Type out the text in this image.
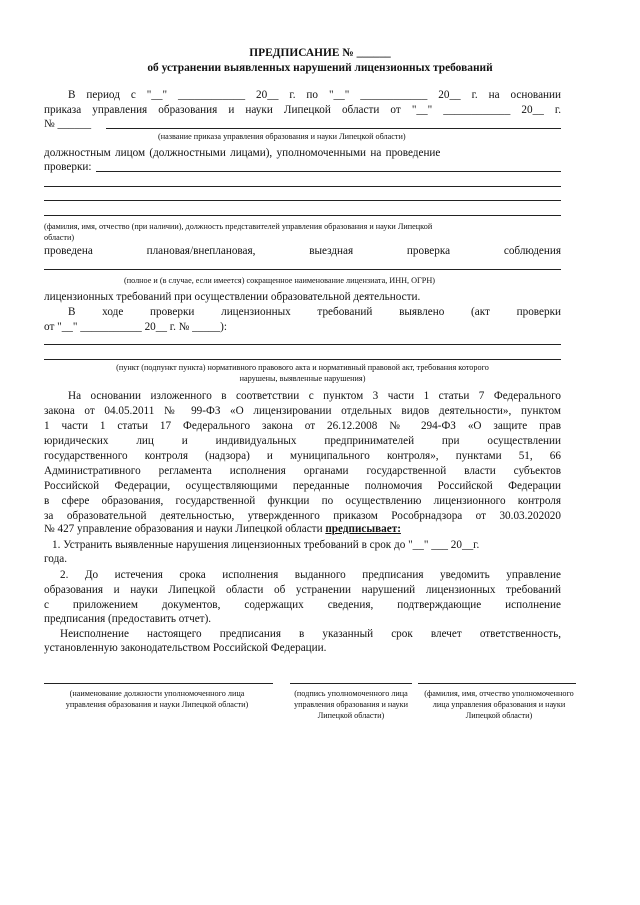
ПРЕДПИСАНИЕ № ______
об устранении выявленных нарушений лицензионных требований
В период с "__" ____________ 20__ г. по "__" ____________ 20__ г. на основании
приказа управления образования и науки Липецкой области от "__" ____________ 20__ г.
№ ______
(название приказа управления образования и науки Липецкой области)
должностным лицом (должностными лицами), уполномоченными на проведение
проверки:
(фамилия, имя, отчество (при наличии), должность представителей управления образования и науки Липецкой
области)
проведена плановая/внеплановая, выездная проверка соблюдения
(полное и (в случае, если имеется) сокращенное наименование лицензиата, ИНН, ОГРН)
лицензионных требований при осуществлении образовательной деятельности.
В ходе проверки лицензионных требований выявлено (акт проверки
от "__" ___________ 20__ г. № _____):
(пункт (подпункт пункта) нормативного правового акта и нормативный правовой акт, требования которого
нарушены, выявленные нарушения)
На основании изложенного в соответствии с пунктом 3 части 1 статьи 7 Федерального
закона от 04.05.2011 № 99-ФЗ «О лицензировании отдельных видов деятельности», пунктом
1 части 1 статьи 17 Федерального закона от 26.12.2008 № 294-ФЗ «О защите прав
юридических лиц и индивидуальных предпринимателей при осуществлении
государственного контроля (надзора) и муниципального контроля», пунктами 51, 66
Административного регламента исполнения органами государственной власти субъектов
Российской Федерации, осуществляющими переданные полномочия Российской Федерации
в сфере образования, государственной функции по осуществлению лицензионного контроля
за образовательной деятельностью, утвержденного приказом Рособрнадзора от 30.03.202020
№ 427 управление образования и науки Липецкой области предписывает:
1. Устранить выявленные нарушения лицензионных требований в срок до "__" ___ 20__г.
года.
2. До истечения срока исполнения выданного предписания уведомить управление
образования и науки Липецкой области об устранении нарушений лицензионных требований
с приложением документов, содержащих сведения, подтверждающие исполнение
предписания (предоставить отчет).
Неисполнение настоящего предписания в указанный срок влечет ответственность,
установленную законодательством Российской Федерации.
(наименование должности уполномоченного лица управления образования и науки Липецкой области)
(подпись уполномоченного лица управления образования и науки Липецкой области)
(фамилия, имя, отчество уполномоченного лица управления образования и науки Липецкой области)
